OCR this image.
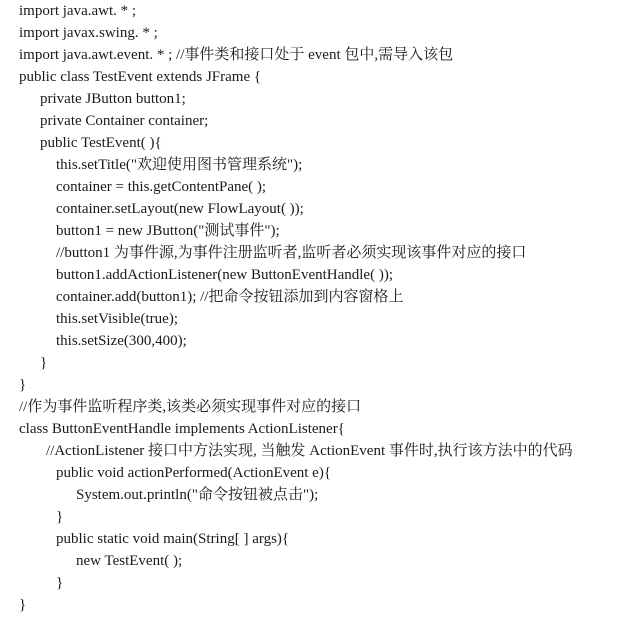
import java.awt. * ;
import javax.swing. * ;
import java.awt.event. * ; //事件类和接口处于 event 包中,需导入该包
public class TestEvent extends JFrame {
private JButton button1;
private Container container;
public TestEvent( ){
this.setTitle("欢迎使用图书管理系统");
container = this.getContentPane( );
container.setLayout(new FlowLayout( ));
button1 = new JButton("测试事件");
//button1 为事件源,为事件注册监听者,监听者必须实现该事件对应的接口
button1.addActionListener(new ButtonEventHandle( ));
container.add(button1); //把命令按钮添加到内容窗格上
this.setVisible(true);
this.setSize(300,400);
}
}
//作为事件监听程序类,该类必须实现事件对应的接口
class ButtonEventHandle implements ActionListener{
//ActionListener 接口中方法实现, 当触发 ActionEvent 事件时,执行该方法中的代码
public void actionPerformed(ActionEvent e){
System.out.println("命令按钮被点击");
}
public static void main(String[ ] args){
new TestEvent( );
}
}
